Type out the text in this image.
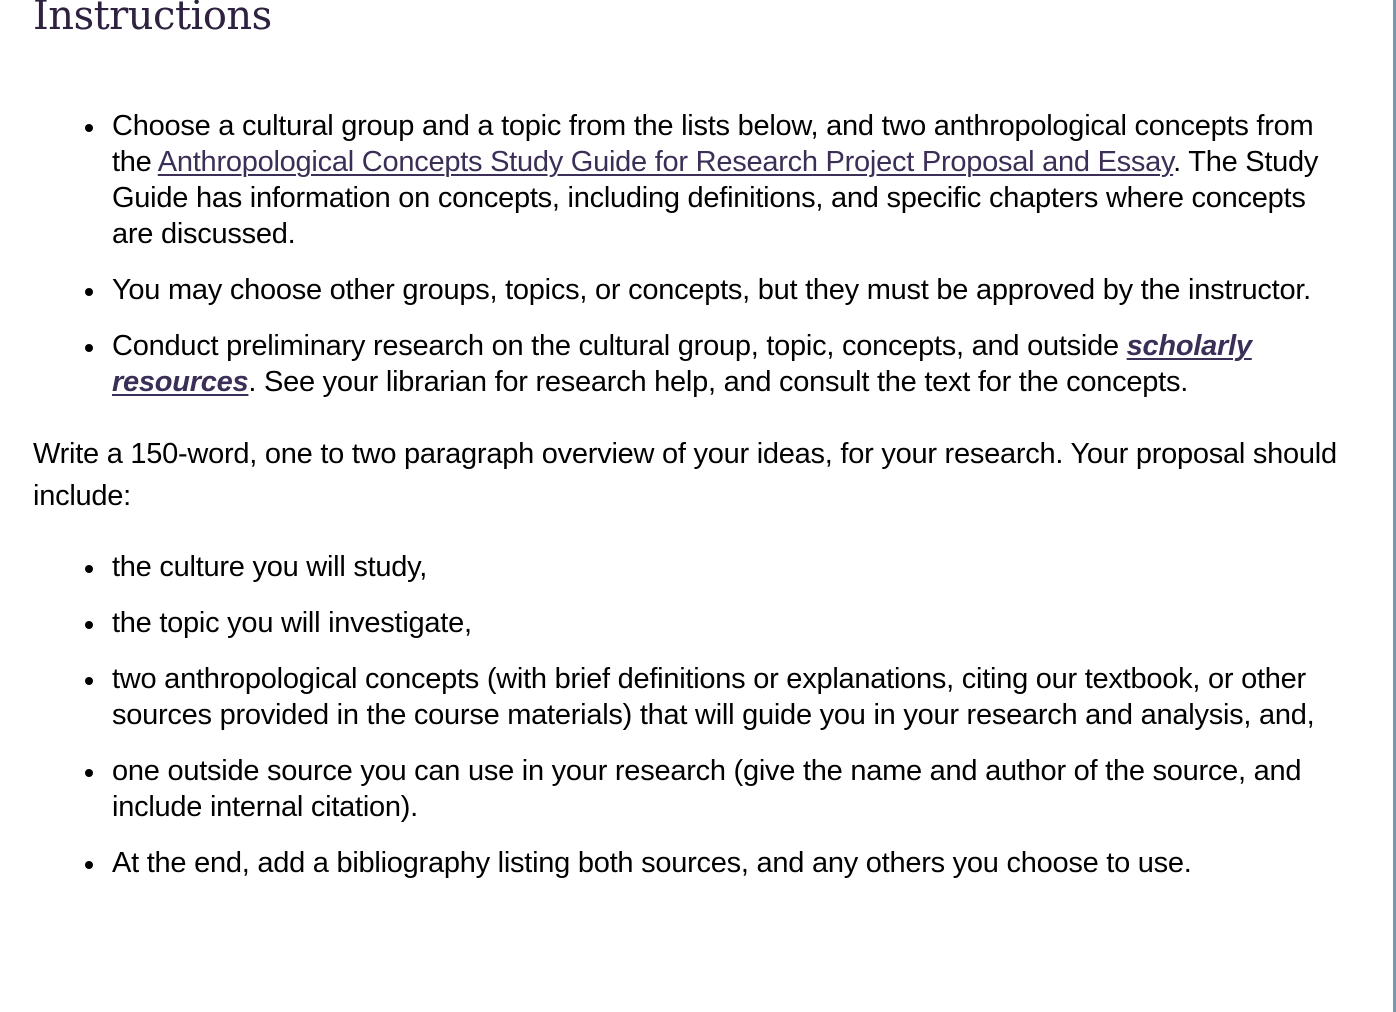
Instructions
Choose a cultural group and a topic from the lists below, and two anthropological concepts from the Anthropological Concepts Study Guide for Research Project Proposal and Essay. The Study Guide has information on concepts, including definitions, and specific chapters where concepts are discussed.
You may choose other groups, topics, or concepts, but they must be approved by the instructor.
Conduct preliminary research on the cultural group, topic, concepts, and outside scholarly resources. See your librarian for research help, and consult the text for the concepts.

Write a 150-word, one to two paragraph overview of your ideas, for your research. Your proposal should include:

the culture you will study,
the topic you will investigate,
two anthropological concepts (with brief definitions or explanations, citing our textbook, or other sources provided in the course materials) that will guide you in your research and analysis, and,
one outside source you can use in your research (give the name and author of the source, and include internal citation).
At the end, add a bibliography listing both sources, and any others you choose to use.
